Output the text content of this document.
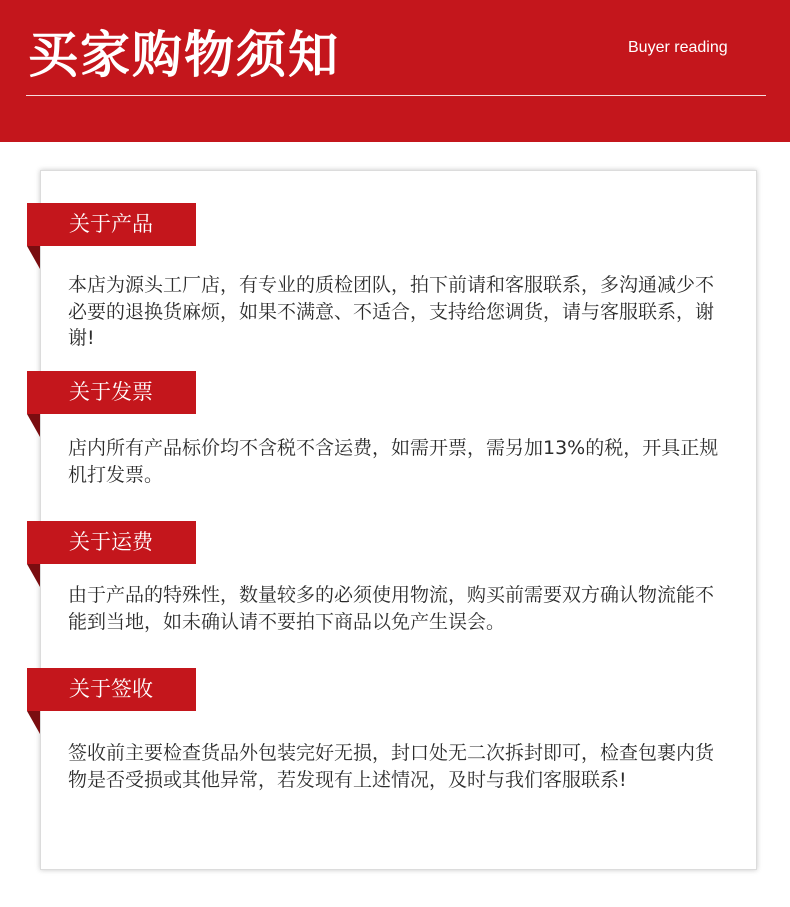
买家购物须知	Buyer reading
关于产品
本店为源头工厂店，有专业的质检团队，拍下前请和客服联系，多沟通减少不必要的退换货麻烦，如果不满意、不适合，支持给您调货，请与客服联系，谢谢!
关于发票
店内所有产品标价均不含税不含运费，如需开票，需另加13%的税，开具正规机打发票。
关于运费
由于产品的特殊性，数量较多的必须使用物流，购买前需要双方确认物流能不能到当地，如未确认请不要拍下商品以免产生误会。
关于签收
签收前主要检查货品外包装完好无损，封口处无二次拆封即可，检查包裹内货物是否受损或其他异常，若发现有上述情况，及时与我们客服联系!
